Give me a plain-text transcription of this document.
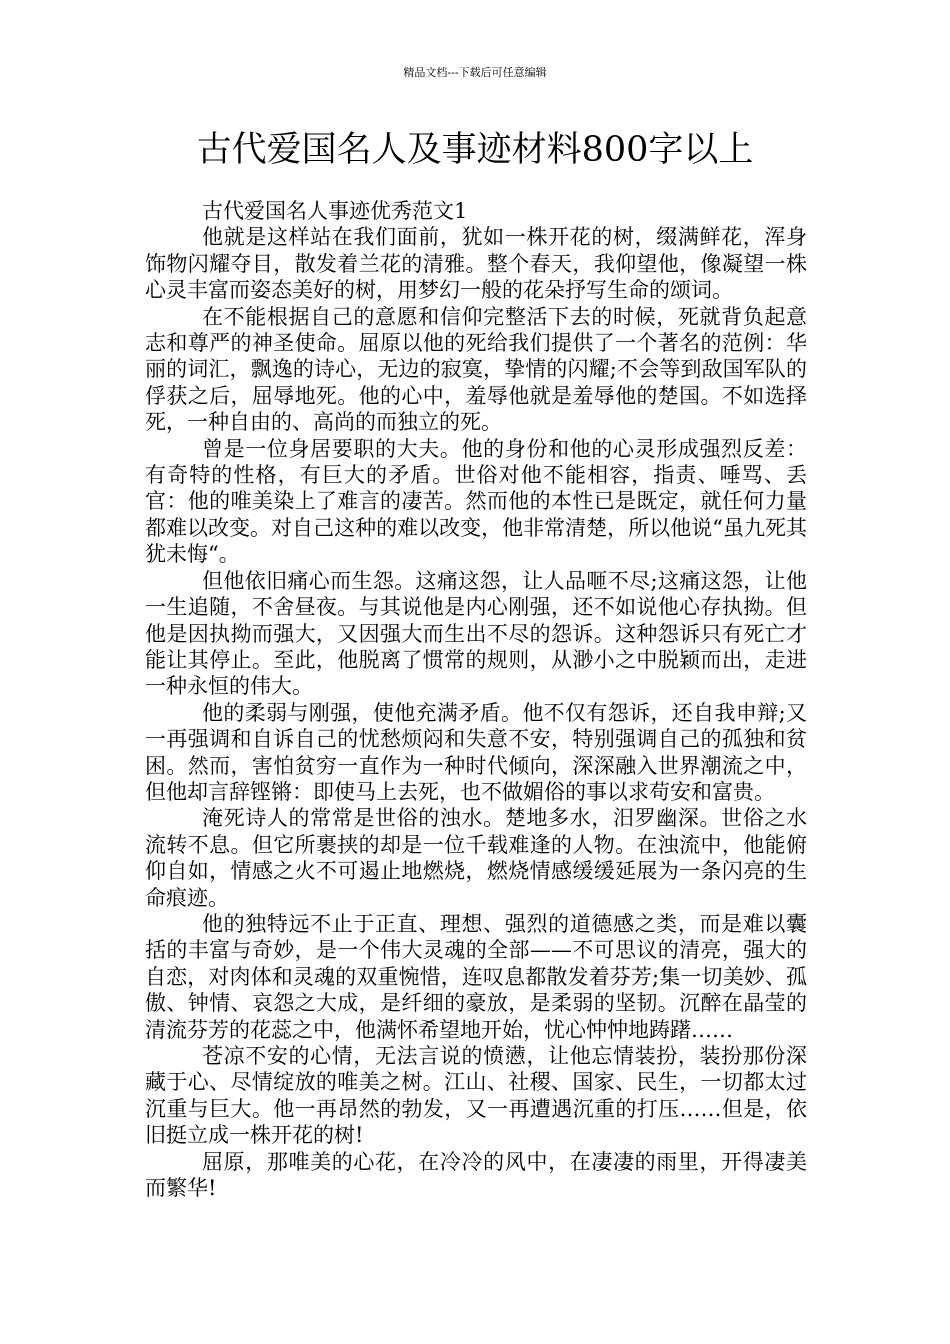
精品文档---下载后可任意编辑
古代爱国名人及事迹材料800字以上

古代爱国名人事迹优秀范文1

他就是这样站在我们面前，犹如一株开花的树，缀满鲜花，浑身饰物闪耀夺目，散发着兰花的清雅。整个春天，我仰望他，像凝望一株心灵丰富而姿态美好的树，用梦幻一般的花朵抒写生命的颂词。

在不能根据自己的意愿和信仰完整活下去的时候，死就背负起意志和尊严的神圣使命。屈原以他的死给我们提供了一个著名的范例：华丽的词汇，飘逸的诗心，无边的寂寞，挚情的闪耀;不会等到敌国军队的俘获之后，屈辱地死。他的心中，羞辱他就是羞辱他的楚国。不如选择死，一种自由的、高尚的而独立的死。

曾是一位身居要职的大夫。他的身份和他的心灵形成强烈反差：有奇特的性格，有巨大的矛盾。世俗对他不能相容，指责、唾骂、丢官：他的唯美染上了难言的凄苦。然而他的本性已是既定，就任何力量都难以改变。对自己这种的难以改变，他非常清楚，所以他说“虽九死其犹未悔“。

但他依旧痛心而生怨。这痛这怨，让人品咂不尽;这痛这怨，让他一生追随，不舍昼夜。与其说他是内心刚强，还不如说他心存执拗。但他是因执拗而强大，又因强大而生出不尽的怨诉。这种怨诉只有死亡才能让其停止。至此，他脱离了惯常的规则，从渺小之中脱颖而出，走进一种永恒的伟大。

他的柔弱与刚强，使他充满矛盾。他不仅有怨诉，还自我申辩;又一再强调和自诉自己的忧愁烦闷和失意不安，特别强调自己的孤独和贫困。然而，害怕贫穷一直作为一种时代倾向，深深融入世界潮流之中，但他却言辞铿锵：即使马上去死，也不做媚俗的事以求苟安和富贵。

淹死诗人的常常是世俗的浊水。楚地多水，汨罗幽深。世俗之水流转不息。但它所裹挟的却是一位千载难逢的人物。在浊流中，他能俯仰自如，情感之火不可遏止地燃烧，燃烧情感缓缓延展为一条闪亮的生命痕迹。

他的独特远不止于正直、理想、强烈的道德感之类，而是难以囊括的丰富与奇妙，是一个伟大灵魂的全部——不可思议的清亮，强大的自恋，对肉体和灵魂的双重惋惜，连叹息都散发着芬芳;集一切美妙、孤傲、钟情、哀怨之大成，是纤细的豪放，是柔弱的坚韧。沉醉在晶莹的清流芬芳的花蕊之中，他满怀希望地开始，忧心忡忡地踌躇……

苍凉不安的心情，无法言说的愤懑，让他忘情装扮，装扮那份深藏于心、尽情绽放的唯美之树。江山、社稷、国家、民生，一切都太过沉重与巨大。他一再昂然的勃发，又一再遭遇沉重的打压……但是，依旧挺立成一株开花的树!

屈原，那唯美的心花，在冷冷的风中，在凄凄的雨里，开得凄美而繁华!
